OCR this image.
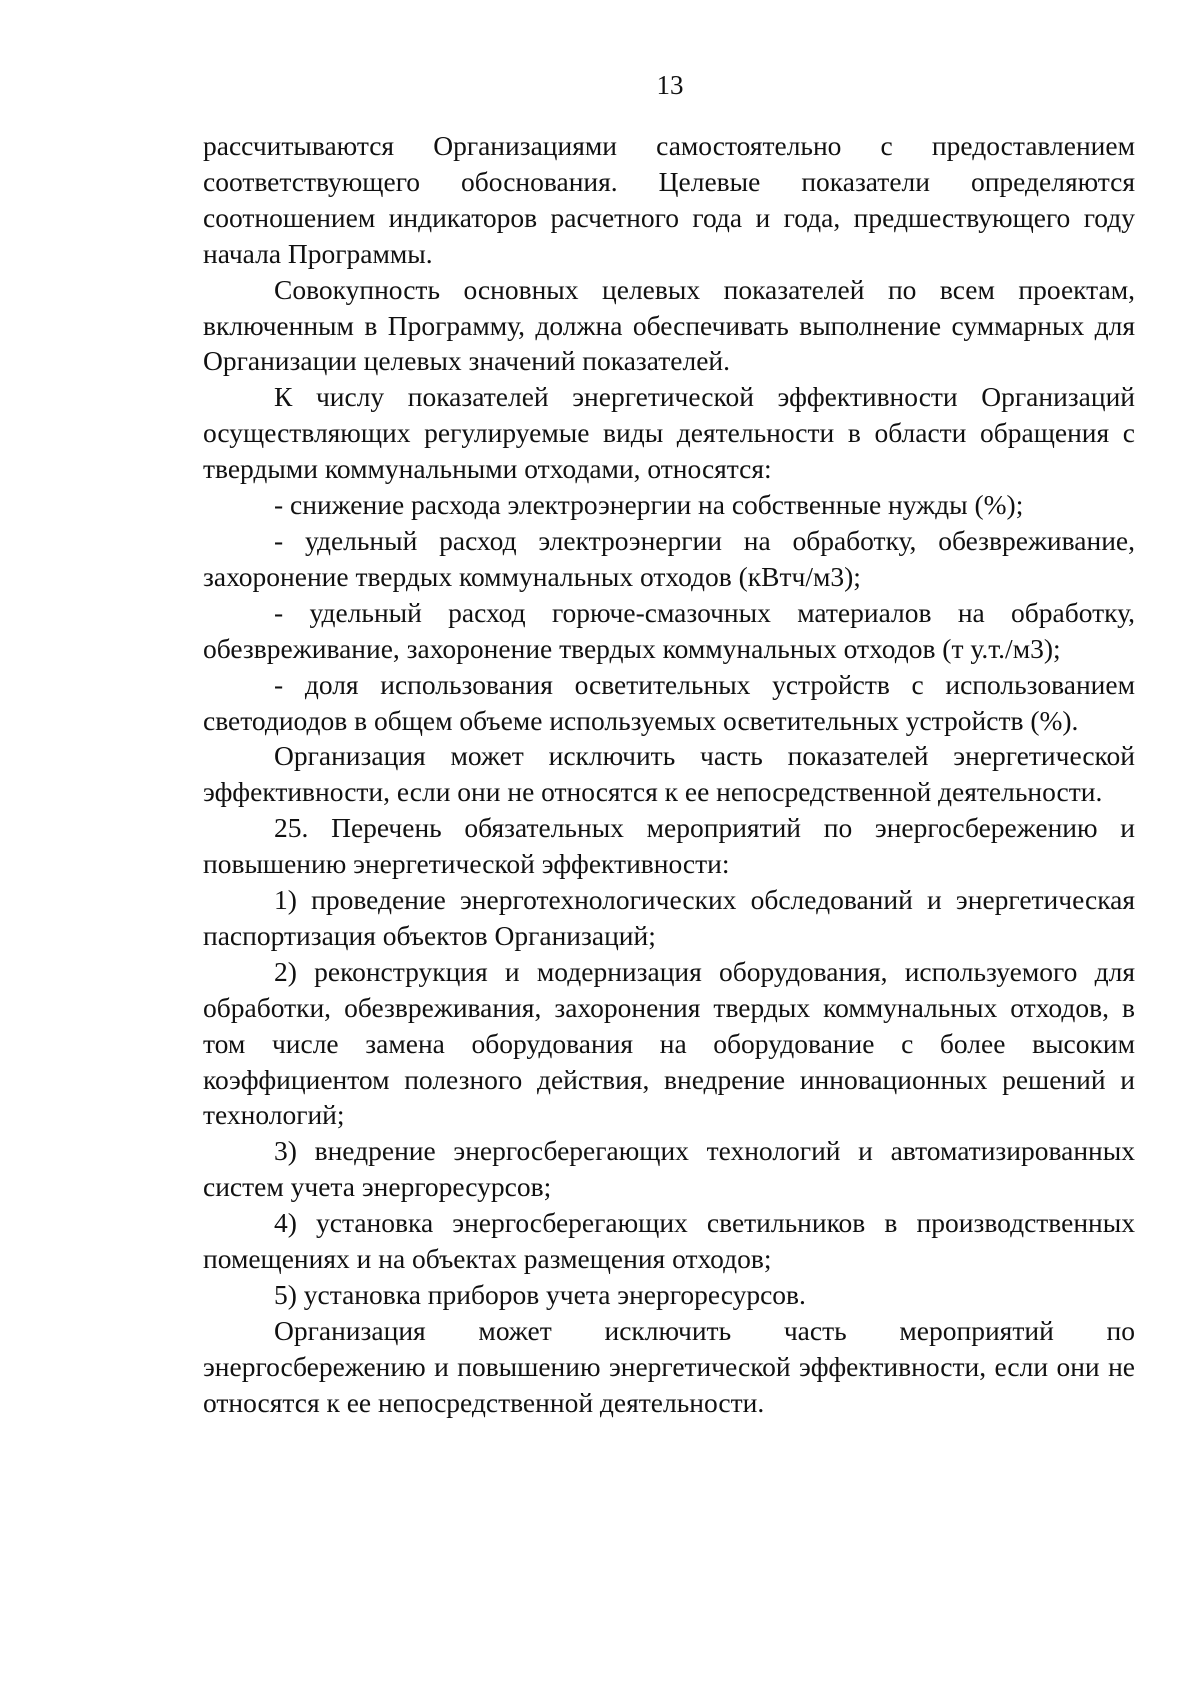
13

рассчитываются Организациями самостоятельно с предоставлением соответствующего обоснования. Целевые показатели определяются соотношением индикаторов расчетного года и года, предшествующего году начала Программы.

Совокупность основных целевых показателей по всем проектам, включенным в Программу, должна обеспечивать выполнение суммарных для Организации целевых значений показателей.

К числу показателей энергетической эффективности Организаций осуществляющих регулируемые виды деятельности в области обращения с твердыми коммунальными отходами, относятся:

- снижение расхода электроэнергии на собственные нужды (%);

- удельный расход электроэнергии на обработку, обезвреживание, захоронение твердых коммунальных отходов (кВтч/м3);

- удельный расход горюче-смазочных материалов на обработку, обезвреживание, захоронение твердых коммунальных отходов (т у.т./м3);

- доля использования осветительных устройств с использованием светодиодов в общем объеме используемых осветительных устройств (%).

Организация может исключить часть показателей энергетической эффективности, если они не относятся к ее непосредственной деятельности.

25. Перечень обязательных мероприятий по энергосбережению и повышению энергетической эффективности:

1) проведение энерготехнологических обследований и энергетическая паспортизация объектов Организаций;

2) реконструкция и модернизация оборудования, используемого для обработки, обезвреживания, захоронения твердых коммунальных отходов, в том числе замена оборудования на оборудование с более высоким коэффициентом полезного действия, внедрение инновационных решений и технологий;

3) внедрение энергосберегающих технологий и автоматизированных систем учета энергоресурсов;

4) установка энергосберегающих светильников в производственных помещениях и на объектах размещения отходов;

5) установка приборов учета энергоресурсов.

Организация может исключить часть мероприятий по энергосбережению и повышению энергетической эффективности, если они не относятся к ее непосредственной деятельности.
